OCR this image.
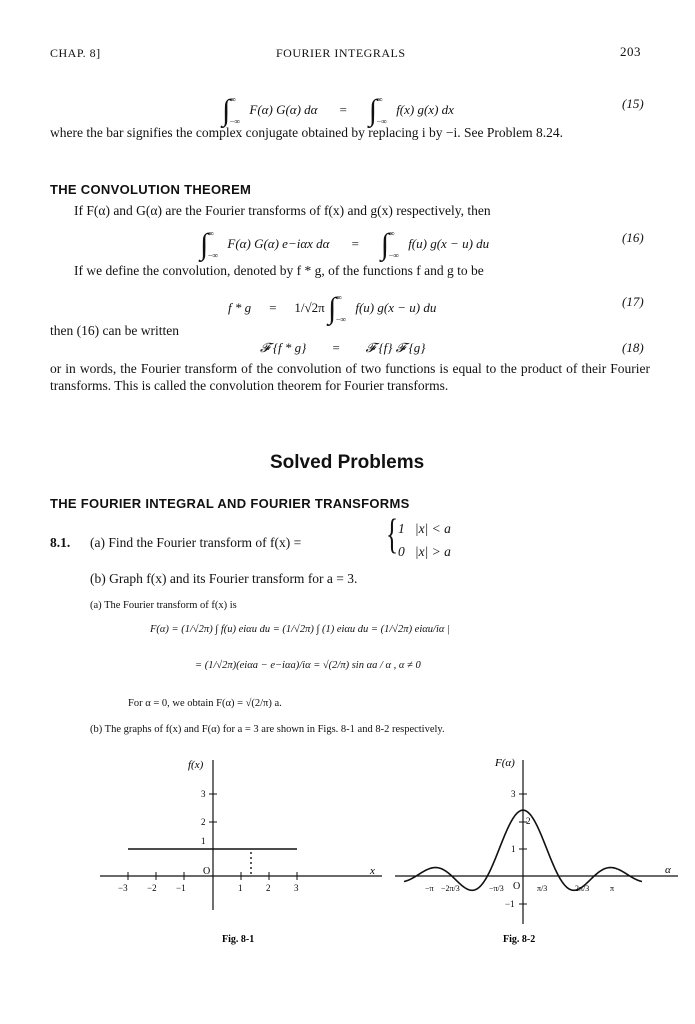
CHAP. 8]	FOURIER INTEGRALS	203
$\int^\infty_{-\infty}$ F(α) G(α) $d\alpha = \int^\infty_{-\infty}$ f(x) g(x) dx	(15)
where the bar signifies the complex conjugate obtained by replacing i by −i. See Problem 8.24.
THE CONVOLUTION THEOREM
If F(α) and G(α) are the Fourier transforms of f(x) and g(x) respectively, then
$\int^\infty_{-\infty}$ F(α) G(α) e−iαx $d\alpha = \int^\infty_{-\infty}$ f(u) g(x − u) du	(16)
If we define the convolution, denoted by f * g, of the functions f and g to be
f * g = 1/√2π $\int^\infty_{-\infty}$ f(u) g(x − u) du	(17)
then (16) can be written
𝓕 {f * g} = 𝓕 {f} 𝓕 {g}	(18)
or in words, the Fourier transform of the convolution of two functions is equal to the product of their Fourier transforms. This is called the convolution theorem for Fourier transforms.
Solved Problems
THE FOURIER INTEGRAL AND FOURIER TRANSFORMS
8.1. (a) Find the Fourier transform of f(x) = { 1   |x| < a
0   |x| > a
(b) Graph f(x) and its Fourier transform for a = 3.
(a) The Fourier transform of f(x) is
F(α) = (1/√2π) ∫ f(u) eiαu du = (1/√2π) ∫ (1) eiαu du = (1/√2π) eiαu/iα |
= (1/√2π)(eiαa − e−iαa)/iα = √(2/π) sin αa / α , α ≠ 0
For α = 0, we obtain F(α) = √(2/π) a.
(b) The graphs of f(x) and F(α) for a = 3 are shown in Figs. 8-1 and 8-2 respectively.
f(x)
x
O
3
2
1
−3 −2 −1	1	2	3
Fig. 8-1
F(α)
α
O
3
2
1
−1
−π −2π/3	−π/3	π/3	2π/3	π
Fig. 8-2
